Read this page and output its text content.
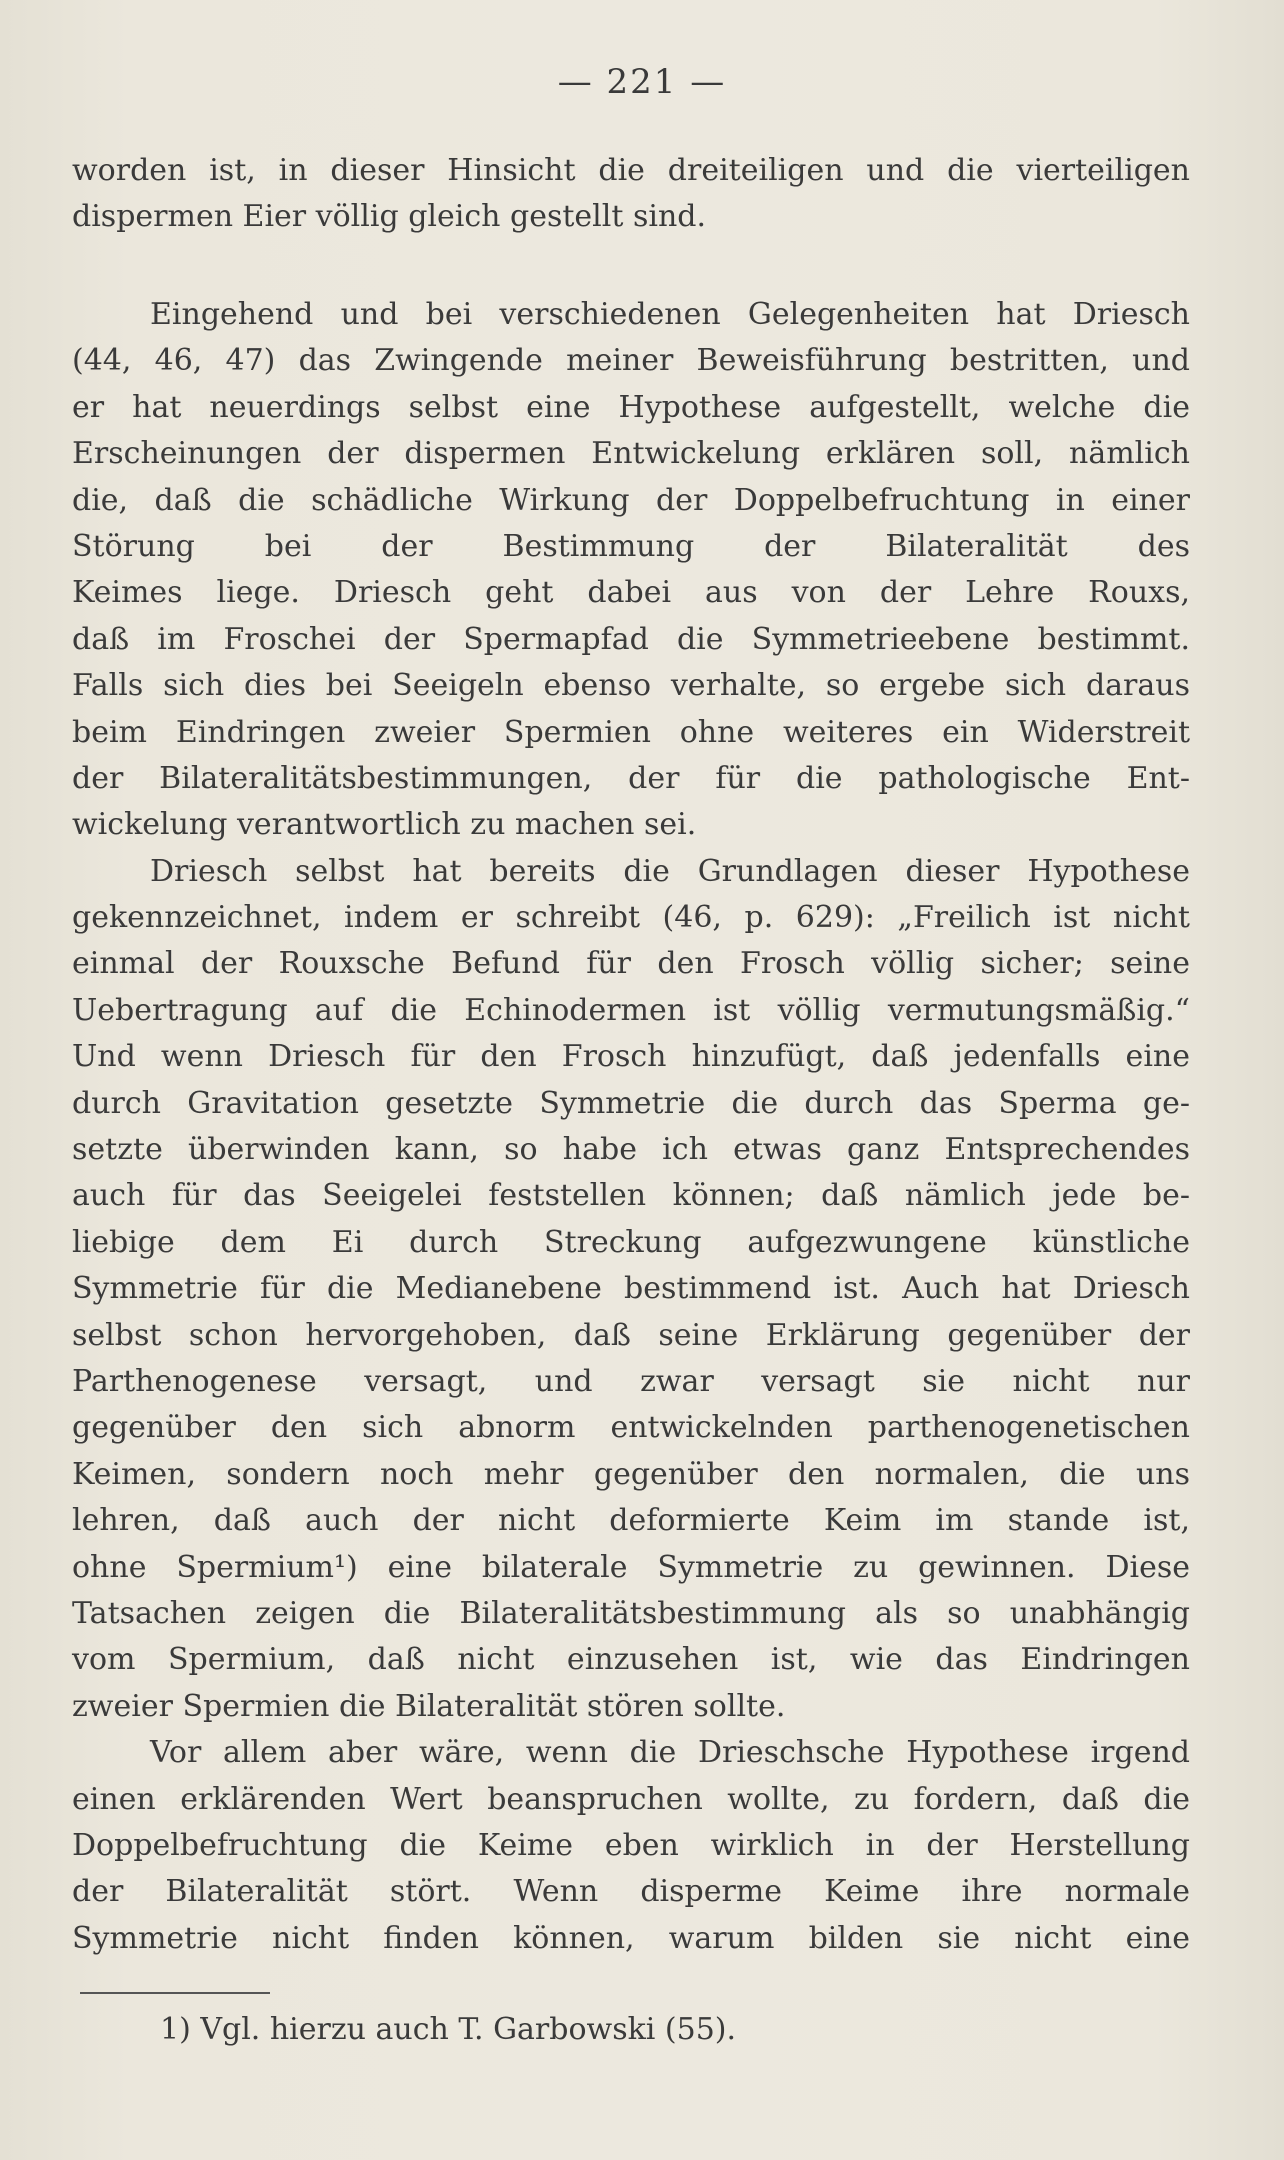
— 221 —
worden ist, in dieser Hinsicht die dreiteiligen und die vierteiligen
dispermen Eier völlig gleich gestellt sind.
Eingehend und bei verschiedenen Gelegenheiten hat Driesch
(44, 46, 47) das Zwingende meiner Beweisführung bestritten, und
er hat neuerdings selbst eine Hypothese aufgestellt, welche die
Erscheinungen der dispermen Entwickelung erklären soll, nämlich
die, daß die schädliche Wirkung der Doppelbefruchtung in einer
Störung bei der Bestimmung der Bilateralität des
Keimes liege. Driesch geht dabei aus von der Lehre Rouxs,
daß im Froschei der Spermapfad die Symmetrieebene bestimmt.
Falls sich dies bei Seeigeln ebenso verhalte, so ergebe sich daraus
beim Eindringen zweier Spermien ohne weiteres ein Widerstreit
der Bilateralitätsbestimmungen, der für die pathologische Ent-
wickelung verantwortlich zu machen sei.
Driesch selbst hat bereits die Grundlagen dieser Hypothese
gekennzeichnet, indem er schreibt (46, p. 629): „Freilich ist nicht
einmal der Rouxsche Befund für den Frosch völlig sicher; seine
Uebertragung auf die Echinodermen ist völlig vermutungsmäßig.“
Und wenn Driesch für den Frosch hinzufügt, daß jedenfalls eine
durch Gravitation gesetzte Symmetrie die durch das Sperma ge-
setzte überwinden kann, so habe ich etwas ganz Entsprechendes
auch für das Seeigelei feststellen können; daß nämlich jede be-
liebige dem Ei durch Streckung aufgezwungene künstliche
Symmetrie für die Medianebene bestimmend ist. Auch hat Driesch
selbst schon hervorgehoben, daß seine Erklärung gegenüber der
Parthenogenese versagt, und zwar versagt sie nicht nur
gegenüber den sich abnorm entwickelnden parthenogenetischen
Keimen, sondern noch mehr gegenüber den normalen, die uns
lehren, daß auch der nicht deformierte Keim im stande ist,
ohne Spermium¹) eine bilaterale Symmetrie zu gewinnen. Diese
Tatsachen zeigen die Bilateralitätsbestimmung als so unabhängig
vom Spermium, daß nicht einzusehen ist, wie das Eindringen
zweier Spermien die Bilateralität stören sollte.
Vor allem aber wäre, wenn die Drieschsche Hypothese irgend
einen erklärenden Wert beanspruchen wollte, zu fordern, daß die
Doppelbefruchtung die Keime eben wirklich in der Herstellung
der Bilateralität stört. Wenn disperme Keime ihre normale
Symmetrie nicht finden können, warum bilden sie nicht eine
1) Vgl. hierzu auch T. Garbowski (55).
